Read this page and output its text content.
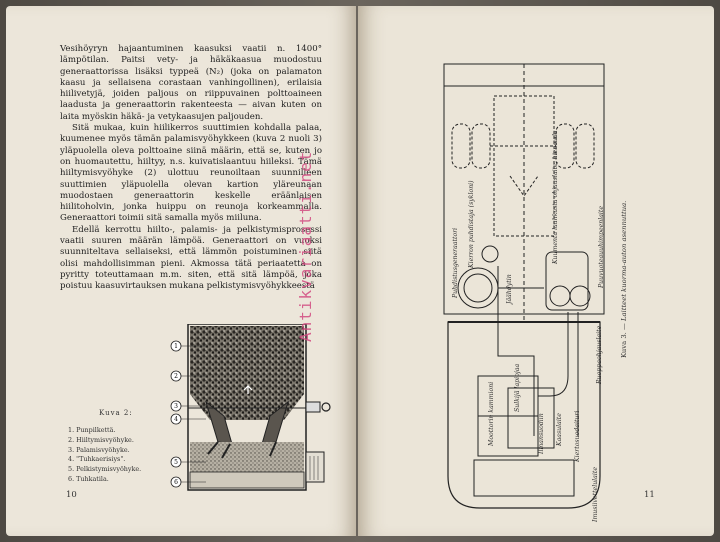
Vesihöyryn hajaantuminen kaasuksi vaatii n. 1400° lämpötilan. Paitsi vety- ja häkäkaasua muodostuu generaattorissa lisäksi typpeä (N₂) (joka on palamaton kaasu ja sellaisena corastaan vanhingollinen), erilaisia hiilivetyjä, joiden paljous on riippuvainen polttoaineen laadusta ja generaattorin rakenteesta — aivan kuten on laita myöskin häkä- ja vetykaasujen paljouden.

Sitä mukaa, kuin hiilikerros suuttimien kohdalla palaa, kuumenee myös tämän palamisvyöhykkeen (kuva 2 nuoli 3) yläpuolella oleva polttoaine siinä määrin, että se, kuten jo on huomautettu, hiiltyy, n.s. kuivatislaantuu hiileksi. Tämä hiiltymisvyöhyke (2) ulottuu reunoiltaan suunnilleen suuttimien yläpuolella olevan kartion yläreunaan muodostaen generaattorin keskelle eräänlaisen hiilitoholvin, jonka huippu on reunoja korkeammalla. Generaattori toimii sitä samalla myös miiluna.

Edellä kerrottu hiilto-, palamis- ja pelkistymisprosessi vaatii suuren määrän lämpöä. Generaattori on vuoksi suunniteltava sellaiseksi, että lämmön poistuminen siitä olisi mahdollisimman pieni. Akmossa tätä periaatetta on pyritty toteuttamaan m.m. siten, että sitä lämpöä, joka poistuu kaasuvirtauksen mukana pelkistymisvyöhykkeestä

1
2
3
4
5
6
Kuva 2:
1. Punpilkettä.
2. Hiiltymisvyöhyke.
3. Palamisvyöhyke.
4. "Tuhkaerisiys".
5. Pelkistymisvyöhyke.
6. Tuhkatila.
10
Puhdistusgeneraattori Kierron puhdistaja (sykloni)
Jäähdytin
Kuumenta lauhkasta ohjauslaite, hienouda	Puuvuoteauuhimpeenlaite
Ruoppaohjauslaite
Moottorin kammioni	Sulkijä lapiojaa
Ilmansuodiin Kaasulaite Kiertosuodaituri
Imusiivettelulaite
Kuva 3. — Laitteet kuorma-auton asennuttua.
11
Antikvariaatti.net
